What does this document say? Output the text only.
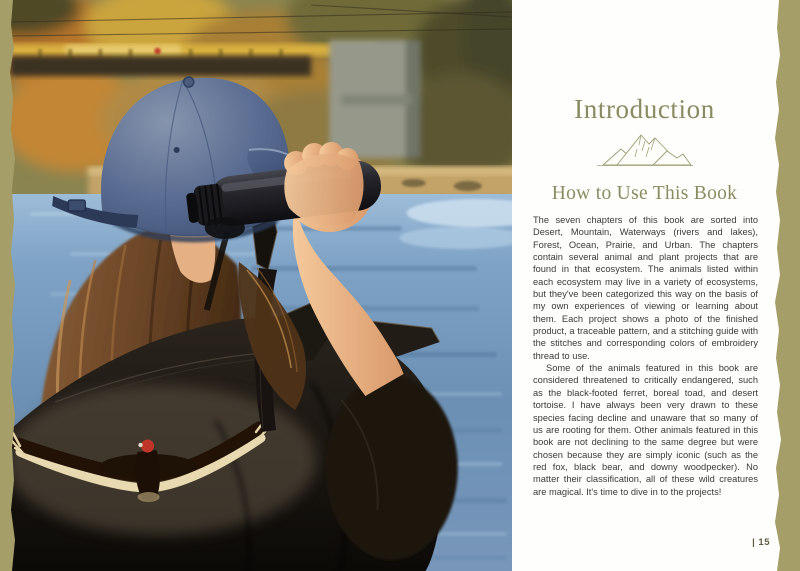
Introduction
How to Use This Book

The seven chapters of this book are sorted into Desert, Mountain, Waterways (rivers and lakes), Forest, Ocean, Prairie, and Urban. The chapters contain several animal and plant projects that are found in that ecosystem. The animals listed within each ecosystem may live in a variety of ecosystems, but they've been categorized this way on the basis of my own experiences of viewing or learning about them. Each project shows a photo of the finished product, a traceable pattern, and a stitching guide with the stitches and corresponding colors of embroidery thread to use.

Some of the animals featured in this book are considered threatened to critically endangered, such as the black-footed ferret, boreal toad, and desert tortoise. I have always been very drawn to these species facing decline and unaware that so many of us are rooting for them. Other animals featured in this book are not declining to the same degree but were chosen because they are simply iconic (such as the red fox, black bear, and downy woodpecker). No matter their classification, all of these wild creatures are magical. It's time to dive in to the projects!

| 15
